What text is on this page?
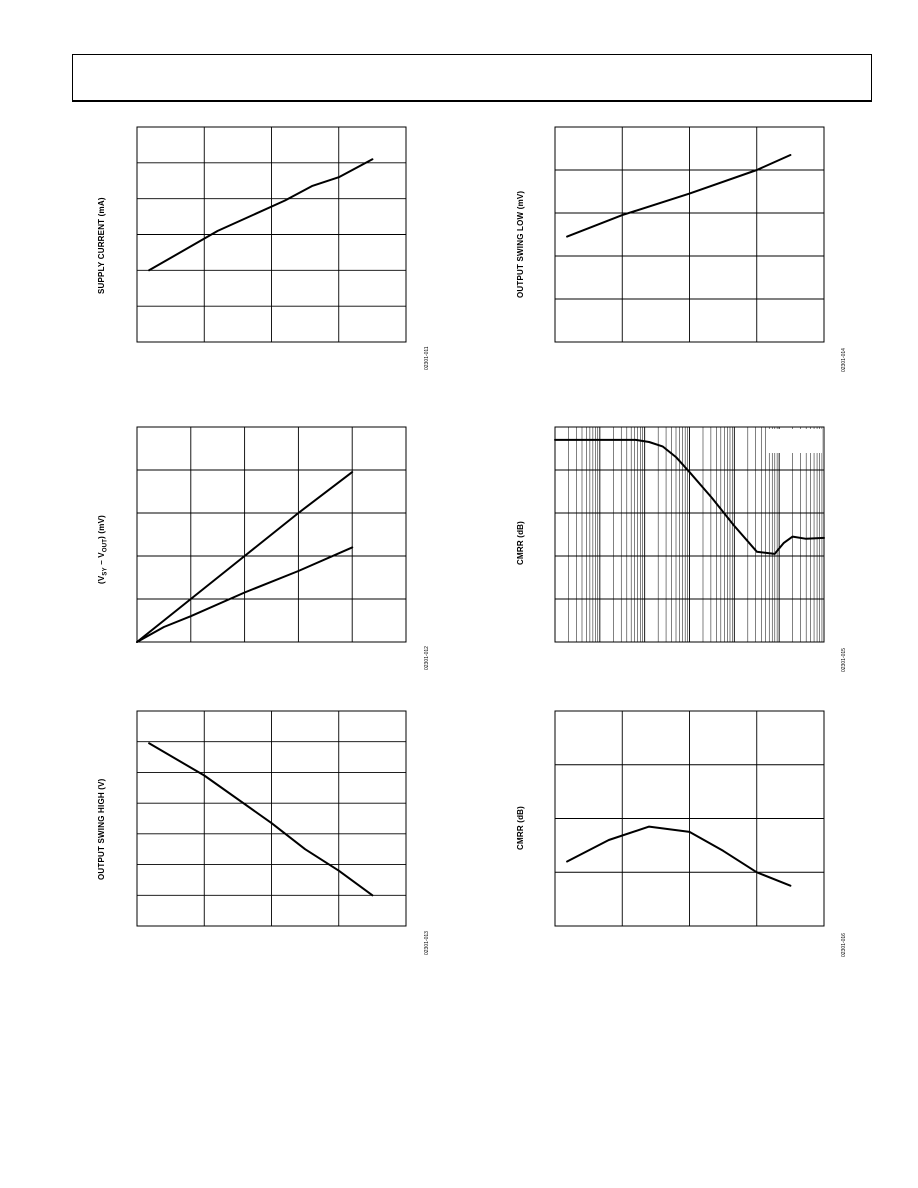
SUPPLY CURRENT (mA)
02301-011
$(V_{SY} - V_{OUT})$ (mV)
02301-012
OUTPUT SWING HIGH (V)
02301-013
OUTPUT SWING LOW (mV)
02301-014
CMRR (dB)
02301-015
CMRR (dB)
02301-016
